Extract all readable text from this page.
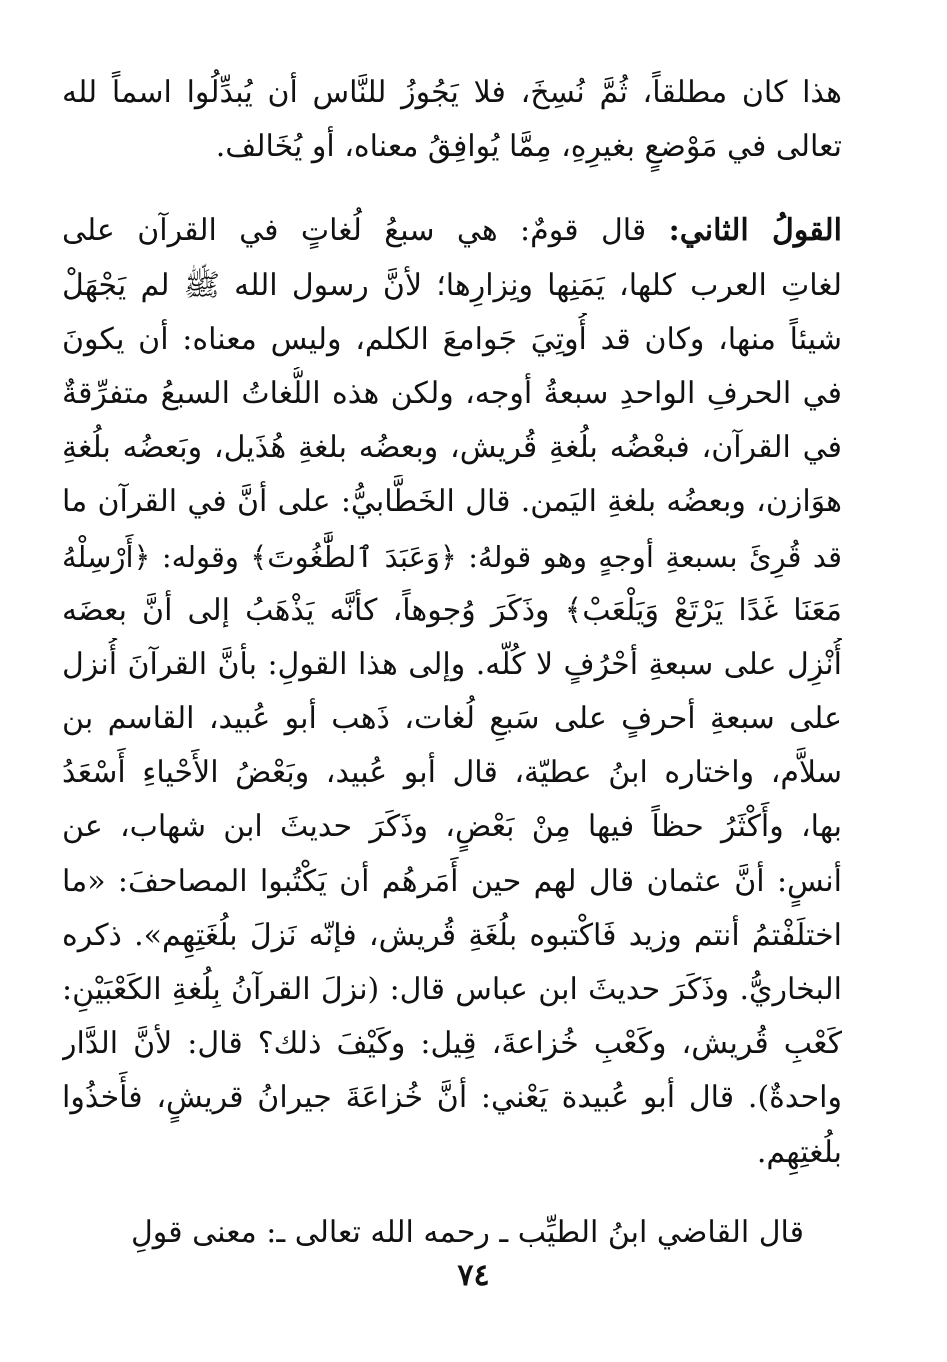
هذا كان مطلقاً، ثُمَّ نُسِخَ، فلا يَجُوزُ للنَّاس أن يُبدِّلُوا اسماً لله
تعالى في مَوْضعٍ بغيرِهِ، مِمَّا يُوافِقُ معناه، أو يُخَالف.
القولُ الثاني: قال قومٌ: هي سبعُ لُغاتٍ في القرآن على
لغاتِ العرب كلها، يَمَنِها ونِزارِها؛ لأنَّ رسول الله ﷺ لم يَجْهَلْ
شيئاً منها، وكان قد أُوتِيَ جَوامعَ الكلم، وليس معناه: أن يكونَ
في الحرفِ الواحدِ سبعةُ أوجه، ولكن هذه اللُّغاتُ السبعُ متفرِّقةٌ
في القرآن، فبعْضُه بلُغةِ قُريش، وبعضُه بلغةِ هُذَيل، وبَعضُه بلُغةِ
هوَازن، وبعضُه بلغةِ اليَمن. قال الخَطَّابيُّ: على أنَّ في القرآن ما
قد قُرِئَ بسبعةِ أوجهٍ وهو قولهُ: ﴿وَعَبَدَ ٱلطَّٰغُوتَ﴾ وقوله: ﴿أَرْسِلْهُ
مَعَنَا غَدًا يَرْتَعْ وَيَلْعَبْ﴾ وذَكَرَ وُجوهاً، كأنَّه يَذْهَبُ إلى أنَّ بعضَه
أُنْزِل على سبعةِ أحْرُفٍ لا كُلّه. وإلى هذا القولِ: بأنَّ القرآنَ أُنزل
على سبعةِ أحرفٍ على سَبعِ لُغات، ذَهب أبو عُبيد، القاسم بن
سلاَّم، واختاره ابنُ عطيّة، قال أبو عُبيد، وبَعْضُ الأَحْياءِ أَسْعَدُ
بها، وأَكْثَرُ حظاً فيها مِنْ بَعْضٍ، وذَكَرَ حديثَ ابن شهاب، عن
أنسٍ: أنَّ عثمان قال لهم حين أَمَرهُم أن يَكْتُبوا المصاحفَ: «ما
اختلَفْتمُ أنتم وزيد فَاكْتبوه بلُغَةِ قُريش، فإنّه نَزلَ بلُغَتِهِم». ذكره
البخاريُّ. وذَكَرَ حديثَ ابن عباس قال: (نزلَ القرآنُ بِلُغةِ الكَعْبَيْنِ:
كَعْبِ قُريش، وكَعْبِ خُزاعةَ، قِيل: وكَيْفَ ذلك؟ قال: لأنَّ الدَّار
واحدةٌ). قال أبو عُبيدة يَعْني: أنَّ خُزاعَةَ جيرانُ قريشٍ، فأَخذُوا
بلُغتِهِم.
قال القاضي ابنُ الطيِّب ـ رحمه الله تعالى ـ: معنى قولِ
٧٤
